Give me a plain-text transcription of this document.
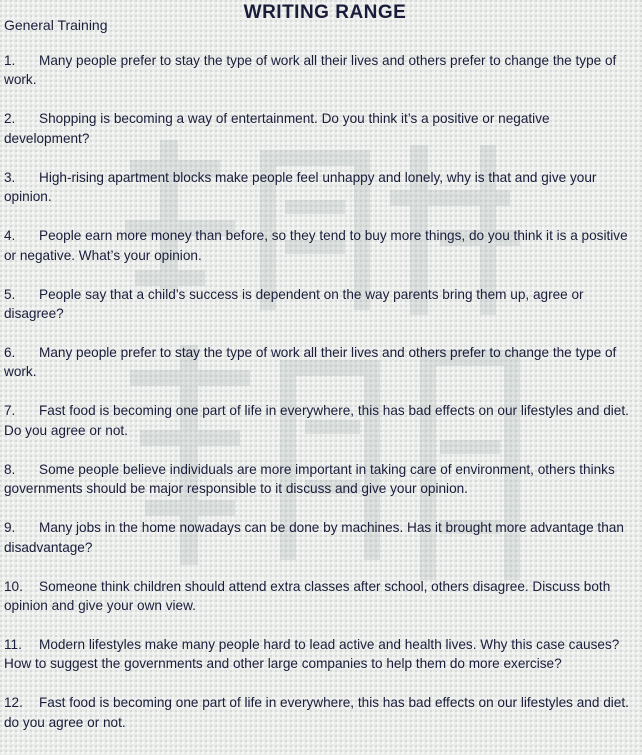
WRITING RANGE
General Training
1. Many people prefer to stay the type of work all their lives and others prefer to change the type of work.
2. Shopping is becoming a way of entertainment. Do you think it’s a positive or negative development?
3. High-rising apartment blocks make people feel unhappy and lonely, why is that and give your opinion.
4. People earn more money than before, so they tend to buy more things, do you think it is a positive or negative. What’s your opinion.
5. People say that a child’s success is dependent on the way parents bring them up, agree or disagree?
6. Many people prefer to stay the type of work all their lives and others prefer to change the type of work.
7. Fast food is becoming one part of life in everywhere, this has bad effects on our lifestyles and diet. Do you agree or not.
8. Some people believe individuals are more important in taking care of environment, others thinks governments should be major responsible to it discuss and give your opinion.
9. Many jobs in the home nowadays can be done by machines. Has it brought more advantage than disadvantage?
10. Someone think children should attend extra classes after school, others disagree. Discuss both opinion and give your own view.
11. Modern lifestyles make many people hard to lead active and health lives. Why this case causes? How to suggest the governments and other large companies to help them do more exercise?
12. Fast food is becoming one part of life in everywhere, this has bad effects on our lifestyles and diet. do you agree or not.
